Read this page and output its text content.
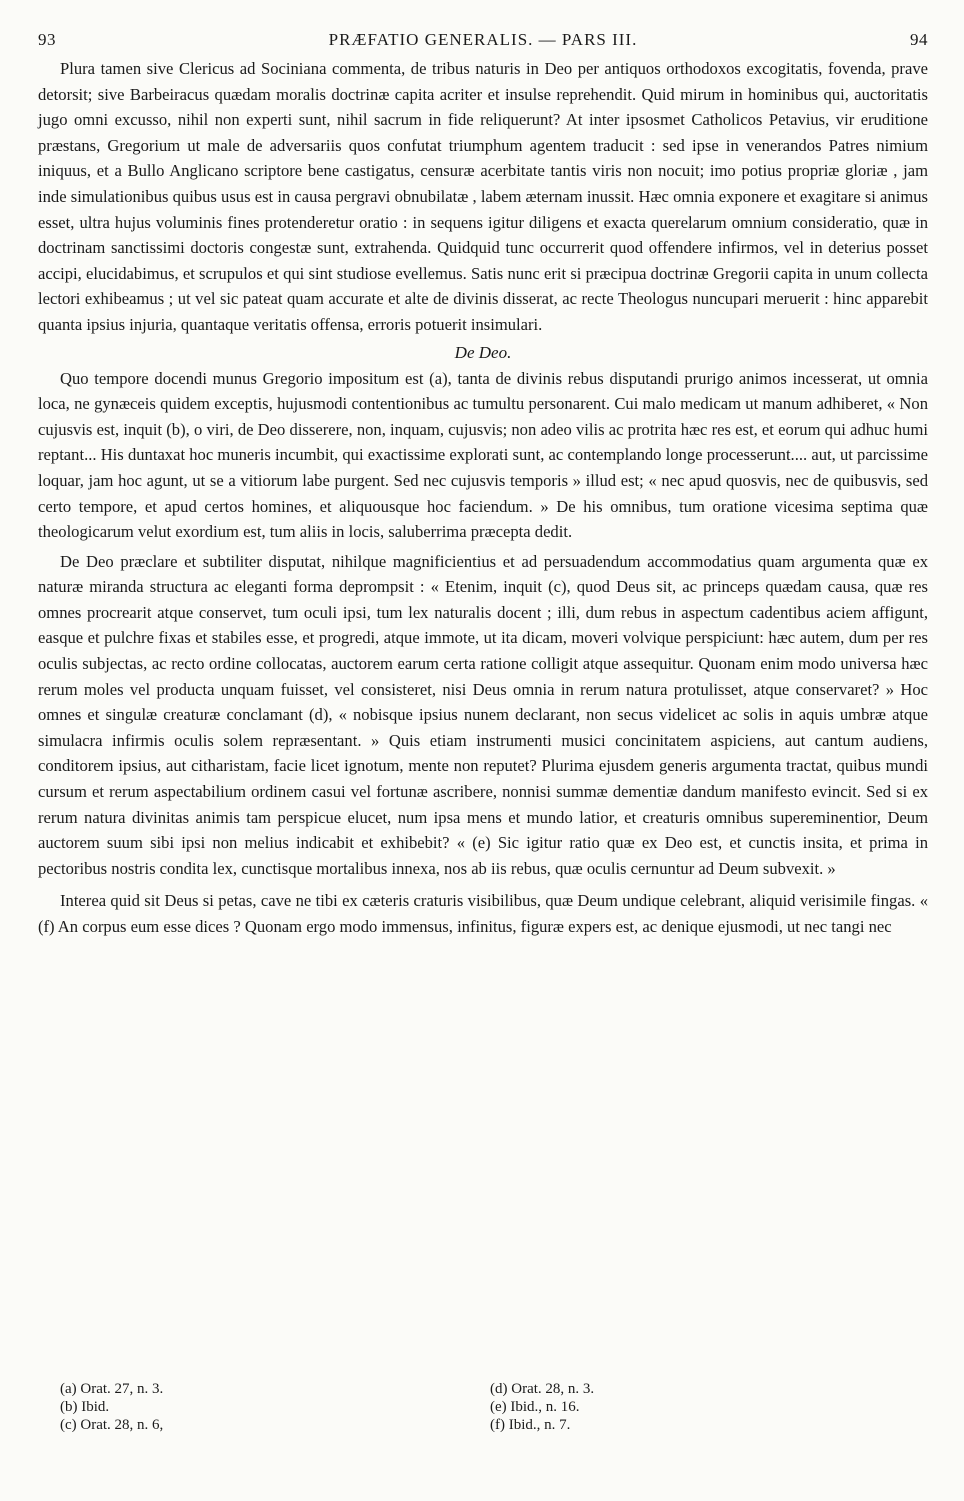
93	PRÆFATIO GENERALIS. — PARS III.	94

Plura tamen sive Clericus ad Sociniana commenta, de tribus naturis in Deo per antiquos orthodoxos excogitatis, fovenda, prave detorsit; sive Barbeiracus quædam moralis doctrinæ capita acriter et insulse reprehendit. Quid mirum in hominibus qui, auctoritatis jugo omni excusso, nihil non experti sunt, nihil sacrum in fide reliquerunt? At inter ipsosmet Catholicos Petavius, vir eruditione præstans, Gregorium ut male de adversariis quos confutat triumphum agentem traducit : sed ipse in venerandos Patres nimium iniquus, et a Bullo Anglicano scriptore bene castigatus, censuræ acerbitate tantis viris non nocuit; imo potius propriæ gloriæ , jam inde simulationibus quibus usus est in causa pergravi obnubilatæ , labem æternam inussit. Hæc omnia exponere et exagitare si animus esset, ultra hujus voluminis fines protenderetur oratio : in sequens igitur diligens et exacta querelarum omnium consideratio, quæ in doctrinam sanctissimi doctoris congestæ sunt, extrahenda. Quidquid tunc occurrerit quod offendere infirmos, vel in deterius posset accipi, elucidabimus, et scrupulos et qui sint studiose evellemus. Satis nunc erit si præcipua doctrinæ Gregorii capita in unum collecta lectori exhibeamus ; ut vel sic pateat quam accurate et alte de divinis disserat, ac recte Theologus nuncupari meruerit : hinc apparebit quanta ipsius injuria, quantaque veritatis offensa, erroris potuerit insimulari.

De Deo.

Quo tempore docendi munus Gregorio impositum est (a), tanta de divinis rebus disputandi prurigo animos incesserat, ut omnia loca, ne gynæceis quidem exceptis, hujusmodi contentionibus ac tumultu personarent. Cui malo medicam ut manum adhiberet, « Non cujusvis est, inquit (b), o viri, de Deo disserere, non, inquam, cujusvis; non adeo vilis ac protrita hæc res est, et eorum qui adhuc humi reptant... His duntaxat hoc muneris incumbit, qui exactissime explorati sunt, ac contemplando longe processerunt.... aut, ut parcissime loquar, jam hoc agunt, ut se a vitiorum labe purgent. Sed nec cujusvis temporis » illud est; « nec apud quosvis, nec de quibusvis, sed certo tempore, et apud certos homines, et aliquousque hoc faciendum. » De his omnibus, tum oratione vicesima septima quæ theologicarum velut exordium est, tum aliis in locis, saluberrima præcepta dedit.

De Deo præclare et subtiliter disputat, nihilque magnificientius et ad persuadendum accommodatius quam argumenta quæ ex naturæ miranda structura ac eleganti forma deprompsit : « Etenim, inquit (c), quod Deus sit, ac princeps quædam causa, quæ res omnes procrearit atque conservet, tum oculi ipsi, tum lex naturalis docent ; illi, dum rebus in aspectum cadentibus aciem affigunt, easque et pulchre fixas et stabiles esse, et progredi, atque immote, ut ita dicam, moveri volvique perspiciunt: hæc autem, dum per res oculis subjectas, ac recto ordine collocatas, auctorem earum certa ratione colligit atque assequitur. Quonam enim modo universa hæc rerum moles vel producta unquam fuisset, vel consisteret, nisi Deus omnia in rerum natura protulisset, atque conservaret? » Hoc omnes et singulæ creaturæ conclamant (d), « nobisque ipsius nunem declarant, non secus videlicet ac solis in aquis umbræ atque simulacra infirmis oculis solem repræsentant. » Quis etiam instrumenti musici concinitatem aspiciens, aut cantum audiens, conditorem ipsius, aut citharistam, facie licet ignotum, mente non reputet? Plurima ejusdem generis argumenta tractat, quibus mundi cursum et rerum aspectabilium ordinem casui vel fortunæ ascribere, nonnisi summæ dementiæ dandum manifesto evincit. Sed si ex rerum natura divinitas animis tam perspicue elucet, num ipsa mens et mundo latior, et creaturis omnibus supereminentior, Deum auctorem suum sibi ipsi non melius indicabit et exhibebit? « (e) Sic igitur ratio quæ ex Deo est, et cunctis insita, et prima in pectoribus nostris condita lex, cunctisque mortalibus innexa, nos ab iis rebus, quæ oculis cernuntur ad Deum subvexit. »

Interea quid sit Deus si petas, cave ne tibi ex cæteris craturis visibilibus, quæ Deum undique celebrant, aliquid verisimile fingas. « (f) An corpus eum esse dices ? Quonam ergo modo immensus, infinitus, figuræ expers est, ac denique ejusmodi, ut nec tangi nec

(a) Orat. 27, n. 3.
(b) Ibid.
(c) Orat. 28, n. 6,
(d) Orat. 28, n. 3.
(e) Ibid., n. 16.
(f) Ibid., n. 7.
